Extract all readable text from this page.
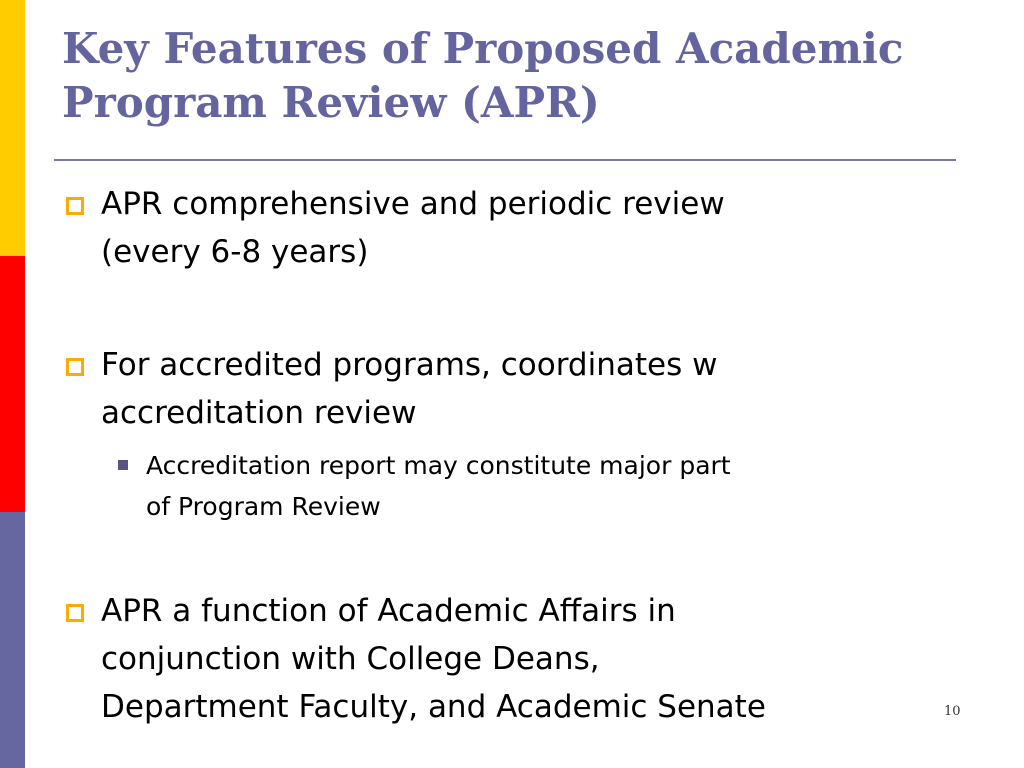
Key Features of Proposed Academic
Program Review (APR)
APR comprehensive and periodic review
(every 6-8 years)
For accredited programs, coordinates w
accreditation review
Accreditation report may constitute major part
of Program Review
APR a function of Academic Affairs in
conjunction with College Deans,
Department Faculty, and Academic Senate	10
